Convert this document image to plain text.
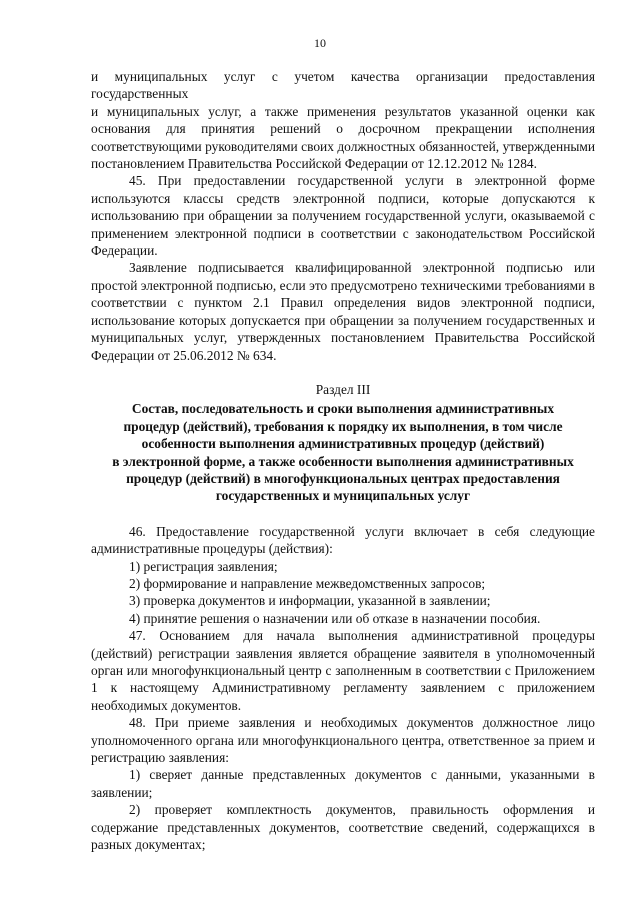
10

и муниципальных услуг с учетом качества организации предоставления государственных

и муниципальных услуг, а также применения результатов указанной оценки как основания для принятия решений о досрочном прекращении исполнения соответствующими руководителями своих должностных обязанностей, утвержденными постановлением Правительства Российской Федерации от 12.12.2012 № 1284.

45. При предоставлении государственной услуги в электронной форме используются классы средств электронной подписи, которые допускаются к использованию при обращении за получением государственной услуги, оказываемой с применением электронной подписи в соответствии с законодательством Российской Федерации.

Заявление подписывается квалифицированной электронной подписью или простой электронной подписью, если это предусмотрено техническими требованиями в соответствии с пунктом 2.1 Правил определения видов электронной подписи, использование которых допускается при обращении за получением государственных и муниципальных услуг, утвержденных постановлением Правительства Российской Федерации от 25.06.2012 № 634.

Раздел III
Состав, последовательность и сроки выполнения административных
процедур (действий), требования к порядку их выполнения, в том числе
особенности выполнения административных процедур (действий)
в электронной форме, а также особенности выполнения административных
процедур (действий) в многофункциональных центрах предоставления
государственных и муниципальных услуг

46. Предоставление государственной услуги включает в себя следующие административные процедуры (действия):

1) регистрация заявления;

2) формирование и направление межведомственных запросов;

3) проверка документов и информации, указанной в заявлении;

4) принятие решения о назначении или об отказе в назначении пособия.

47. Основанием для начала выполнения административной процедуры (действий) регистрации заявления является обращение заявителя в уполномоченный орган или многофункциональный центр с заполненным в соответствии с Приложением 1 к настоящему Административному регламенту заявлением с приложением необходимых документов.

48. При приеме заявления и необходимых документов должностное лицо уполномоченного органа или многофункционального центра, ответственное за прием и регистрацию заявления:

1) сверяет данные представленных документов с данными, указанными в заявлении;

2) проверяет комплектность документов, правильность оформления и содержание представленных документов, соответствие сведений, содержащихся в разных документах;
